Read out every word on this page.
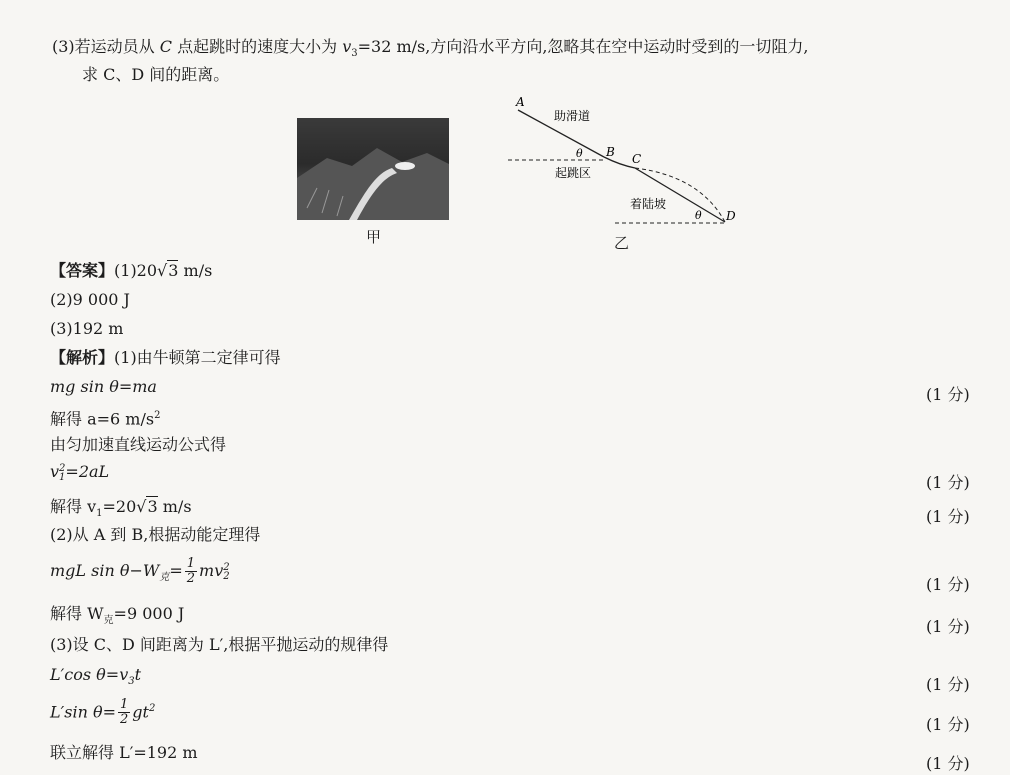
(3)若运动员从 C 点起跳时的速度大小为 $v_3=32$ m/s,方向沿水平方向,忽略其在空中运动时受到的一切阻力,
求 C、D 间的距离。
甲
A
B C
D
θ
θ
助滑道
起跳区
着陆坡
乙
【答案】(1)20√3 m/s
(2)9 000 J
(3)192 m
【解析】(1)由牛顿第二定律可得
mg sin θ=ma
解得 a=6 $m/s^2$
由匀加速直线运动公式得
v 2
1 =2aL
解得 $v_1=20√3$ m/s
(2)从 A 到 B,根据动能定理得
mgL $\sin \theta-W_克= \frac{1}{2}$ mv 2
2
解得 $W_克=9$ 000 J
(3)设 C、D 间距离为 L′,根据平抛运动的规律得
L′cos $\theta=v_3t$
L′sin $\theta= \frac{1}{2} gt^2$
联立解得 L′=192 m
(1 分)
(1 分)
(1 分)
(1 分)
(1 分)
(1 分)
(1 分)
(1 分)
